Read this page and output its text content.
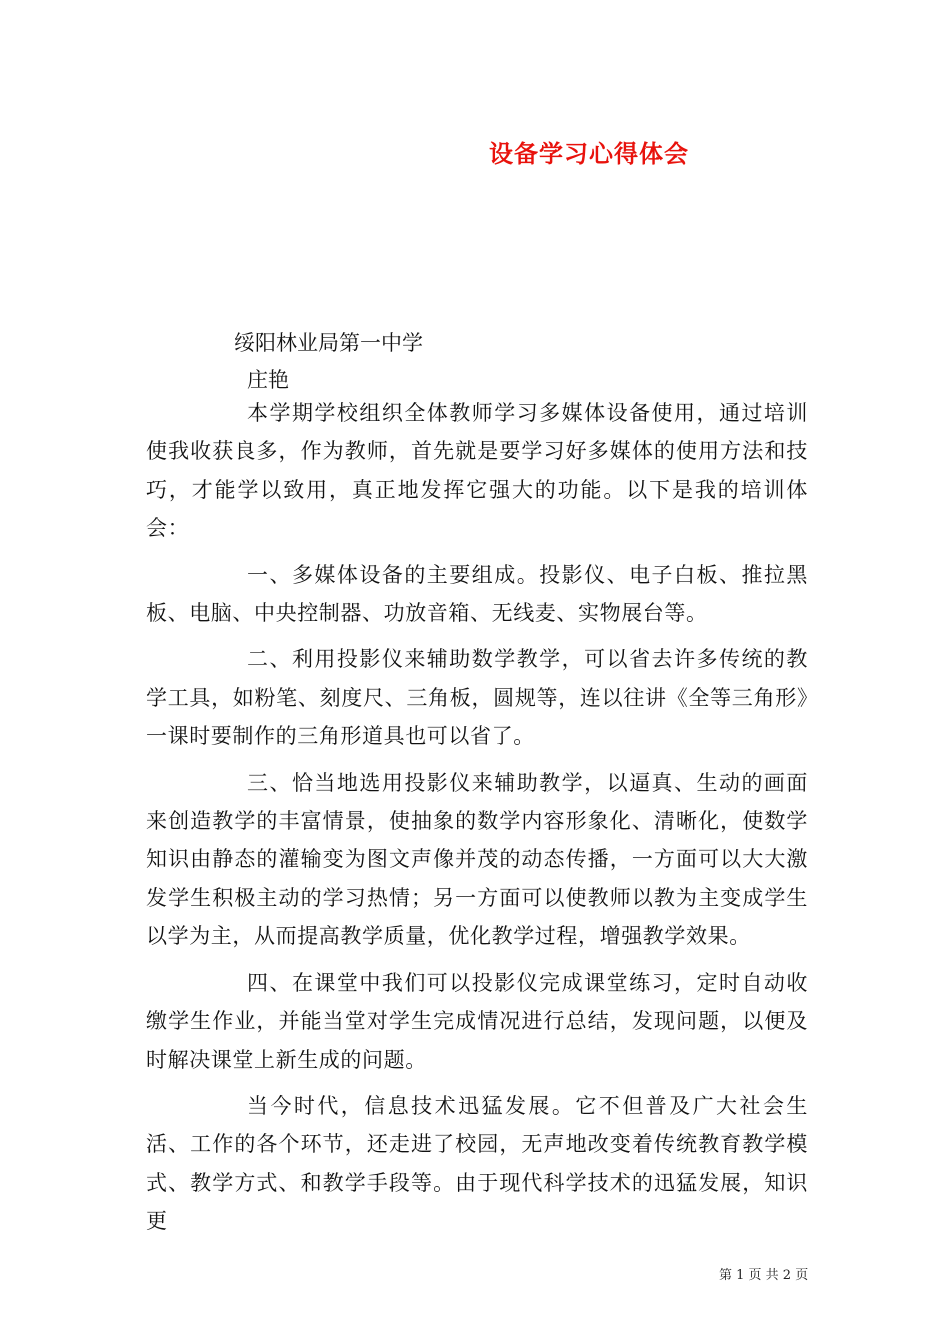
设备学习心得体会
绥阳林业局第一中学
庄艳

本学期学校组织全体教师学习多媒体设备使用，通过培训使我收获良多，作为教师，首先就是要学习好多媒体的使用方法和技巧，才能学以致用，真正地发挥它强大的功能。以下是我的培训体会：

一、多媒体设备的主要组成。投影仪、电子白板、推拉黑板、电脑、中央控制器、功放音箱、无线麦、实物展台等。

二、利用投影仪来辅助数学教学，可以省去许多传统的教学工具，如粉笔、刻度尺、三角板，圆规等，连以往讲《全等三角形》一课时要制作的三角形道具也可以省了。

三、恰当地选用投影仪来辅助教学，以逼真、生动的画面来创造教学的丰富情景，使抽象的数学内容形象化、清晰化，使数学知识由静态的灌输变为图文声像并茂的动态传播，一方面可以大大激发学生积极主动的学习热情；另一方面可以使教师以教为主变成学生以学为主，从而提高教学质量，优化教学过程，增强教学效果。

四、在课堂中我们可以投影仪完成课堂练习，定时自动收缴学生作业，并能当堂对学生完成情况进行总结，发现问题，以便及时解决课堂上新生成的问题。

当今时代，信息技术迅猛发展。它不但普及广大社会生活、工作的各个环节，还走进了校园，无声地改变着传统教育教学模式、教学方式、和教学手段等。由于现代科学技术的迅猛发展，知识更

第 1 页 共 2 页
